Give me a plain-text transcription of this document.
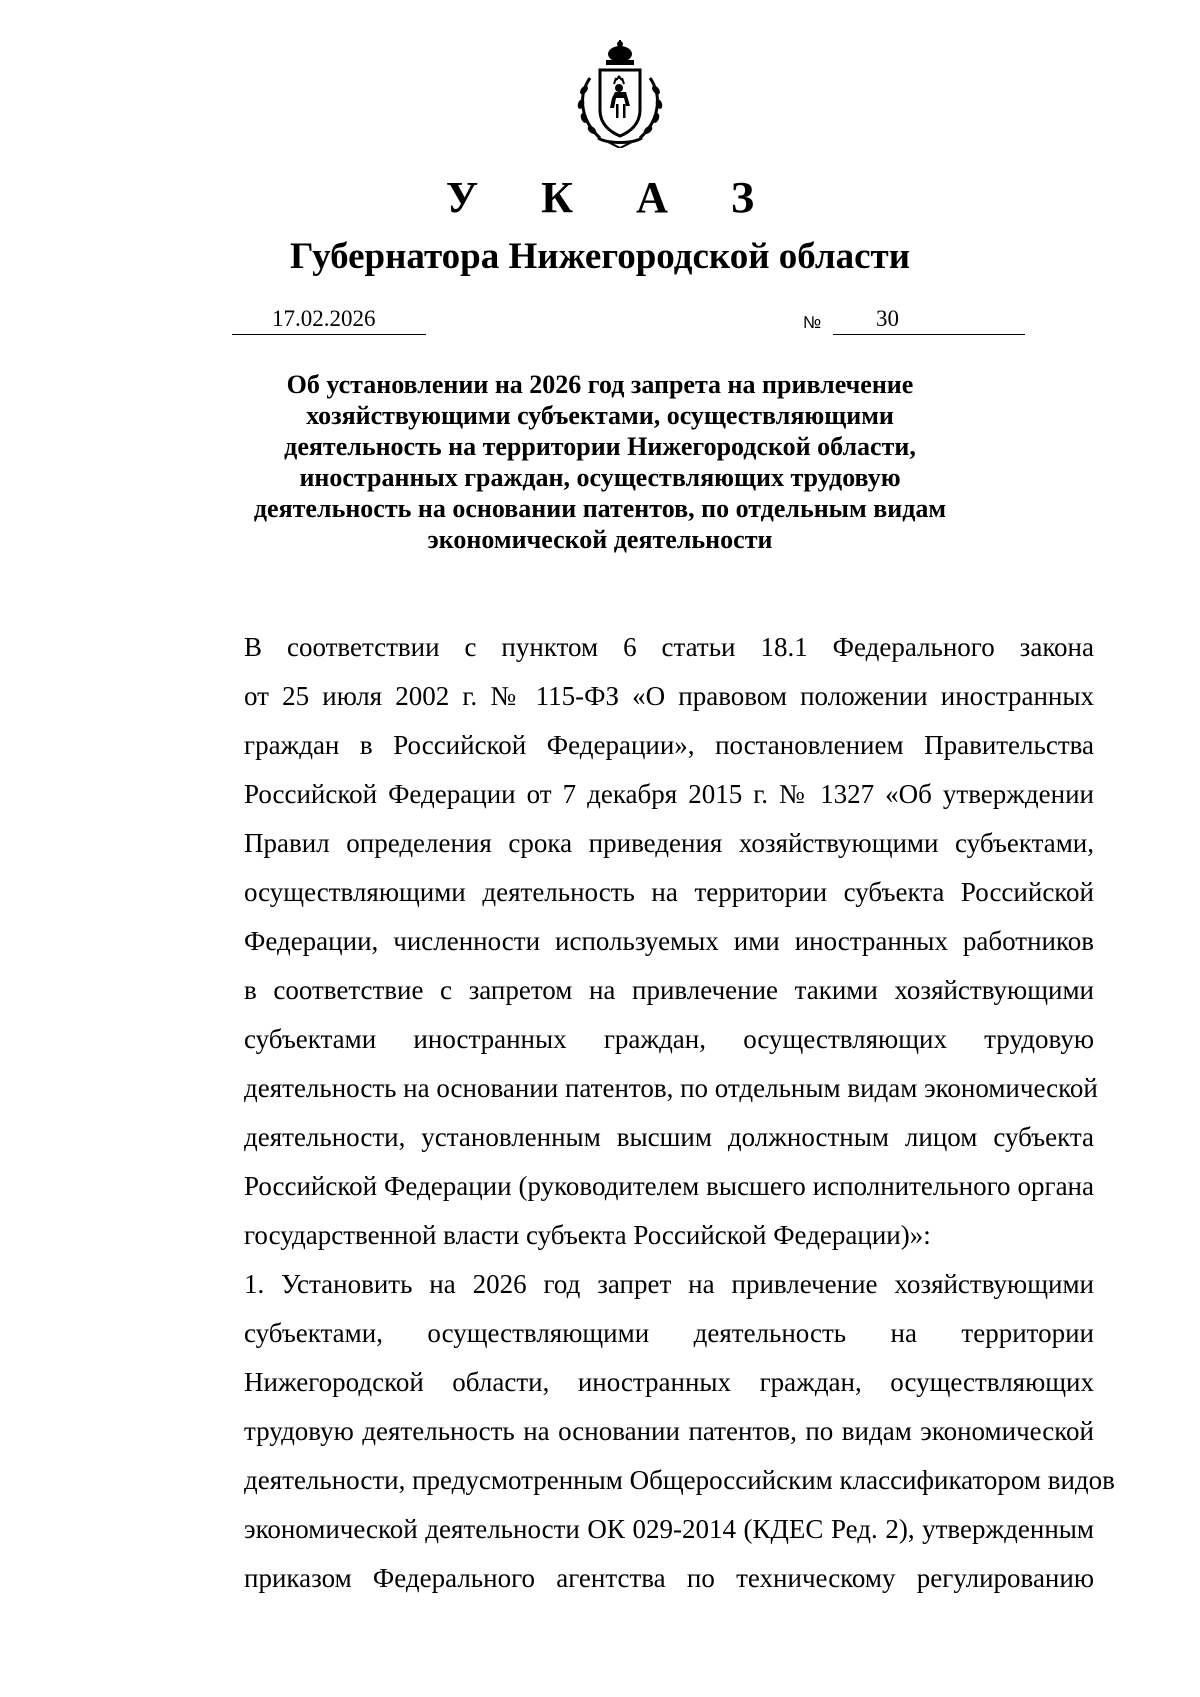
У К А З
Губернатора Нижегородской области
17.02.2026	№ 30
Об установлении на 2026 год запрета на привлечение
хозяйствующими субъектами, осуществляющими
деятельность на территории Нижегородской области,
иностранных граждан, осуществляющих трудовую
деятельность на основании патентов, по отдельным видам
экономической деятельности
В соответствии с пунктом 6 статьи 18.1 Федерального закона
от 25 июля 2002 г. № 115-ФЗ «О правовом положении иностранных
граждан в Российской Федерации», постановлением Правительства
Российской Федерации от 7 декабря 2015 г. № 1327 «Об утверждении
Правил определения срока приведения хозяйствующими субъектами,
осуществляющими деятельность на территории субъекта Российской
Федерации, численности используемых ими иностранных работников
в соответствие с запретом на привлечение такими хозяйствующими
субъектами иностранных граждан, осуществляющих трудовую
деятельность на основании патентов, по отдельным видам экономической
деятельности, установленным высшим должностным лицом субъекта
Российской Федерации (руководителем высшего исполнительного органа
государственной власти субъекта Российской Федерации)»:
1. Установить на 2026 год запрет на привлечение хозяйствующими
субъектами, осуществляющими деятельность на территории
Нижегородской области, иностранных граждан, осуществляющих
трудовую деятельность на основании патентов, по видам экономической
деятельности, предусмотренным Общероссийским классификатором видов
экономической деятельности ОК 029-2014 (КДЕС Ред. 2), утвержденным
приказом Федерального агентства по техническому регулированию
